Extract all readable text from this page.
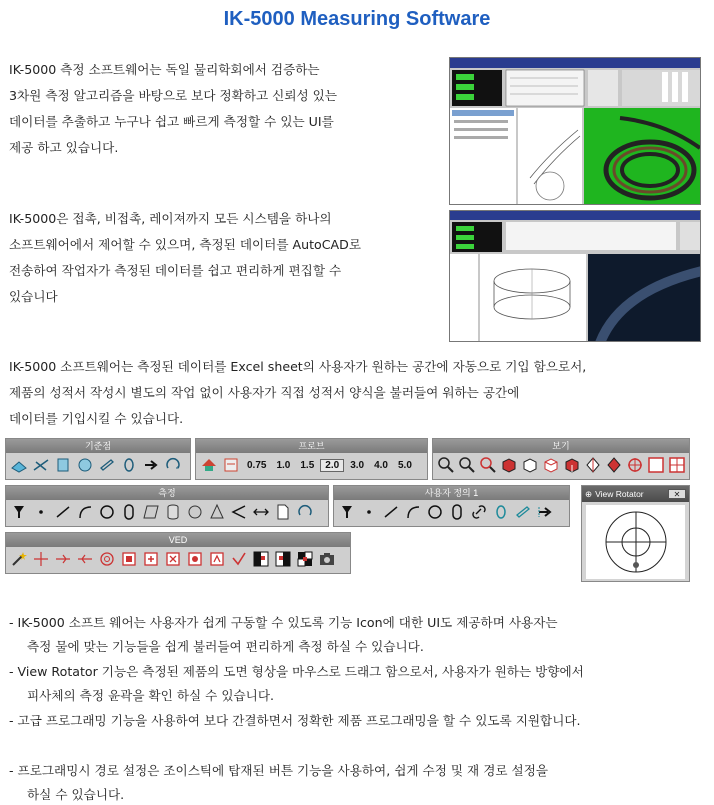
IK-5000 Measuring Software
IK-5000 측정 소프트웨어는 독일 물리학회에서 검증하는
3차원 측정 알고리즘을 바탕으로 보다 정확하고 신뢰성 있는
데이터를 추출하고 누구나 쉽고 빠르게 측정할 수 있는 UI를
제공 하고 있습니다.
IK-5000은 접촉, 비접촉, 레이져까지 모든 시스템을 하나의
소프트웨어에서 제어할 수 있으며, 측정된 데이터를 AutoCAD로
전송하여 작업자가 측정된 데이터를 쉽고 편리하게 편집할 수
있습니다
IK-5000 소프트웨어는 측정된 데이터를 Excel sheet의 사용자가 원하는 공간에 자동으로 기입 함으로서,
제품의 성적서 작성시 별도의 작업 없이 사용자가 직접 성적서 양식을 불러들여 워하는 공간에
데이터를 기입시킬 수 있습니다.
기준점	프로브
0.75	1.0	1.5	2.0	3.0	4.0	5.0
보기
측정	사용자 정의 1	⊕ View Rotator	✕
VED
- IK-5000 소프트 웨어는 사용자가 쉽게 구동할 수 있도록 기능 Icon에 대한 UI도 제공하며 사용자는
측정 물에 맞는 기능들을 쉽게 불러들여 편리하게 측정 하실 수 있습니다.
- View Rotator 기능은 측정된 제품의 도면 형상을 마우스로 드래그 함으로서, 사용자가 원하는 방향에서
피사체의 측정 윤곽을 확인 하실 수 있습니다.
- 고급 프로그래밍 기능을 사용하여 보다 간결하면서 정확한 제품 프로그래밍을 할 수 있도록 지원합니다.
- 프로그래밍시 경로 설정은 조이스틱에 탑재된 버튼 기능을 사용하여, 쉽게 수정 및 재 경로 설정을
하실 수 있습니다.
